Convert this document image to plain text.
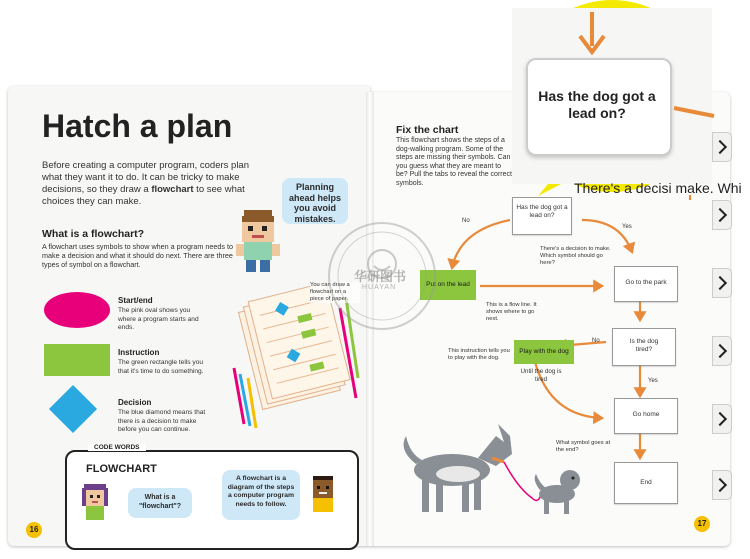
Hatch a plan
Before creating a computer program, coders plan what they want it to do. It can be tricky to make decisions, so they draw a flowchart to see what choices they can make.
Planning ahead helps you avoid mistakes.
What is a flowchart?
A flowchart uses symbols to show when a program needs to make a decision and what it should do next. There are three types of symbol on a flowchart.
Start/end
The pink oval shows you where a program starts and ends.
Instruction
The green rectangle tells you that it's time to do something.
Decision
The blue diamond means that there is a decision to make before you can continue.
You can draw a flowchart on a piece of paper.
CODE WORDS
FLOWCHART
What is a "flowchart"?
A flowchart is a diagram of the steps a computer program needs to follow.
16
Fix the chart
This flowchart shows the steps of a dog-walking program. Some of the steps are missing their symbols. Can you guess what they are meant to be? Pull the tabs to reveal the correct symbols.
Has the dog got a lead on?
There's a decision to make. Which symbol should go here?
No
Yes
Put on the lead
This is a flow line. It shows where to go next.
Go to the park
This instruction tells you to play with the dog.
Play with the dog
Until the dog is tired
Is the dog tired?
No
Yes
Go home
What symbol goes at the end?
End
17
华研图书
HUAYAN
Has the dog got a lead on?
There's a decisi make. Whi
